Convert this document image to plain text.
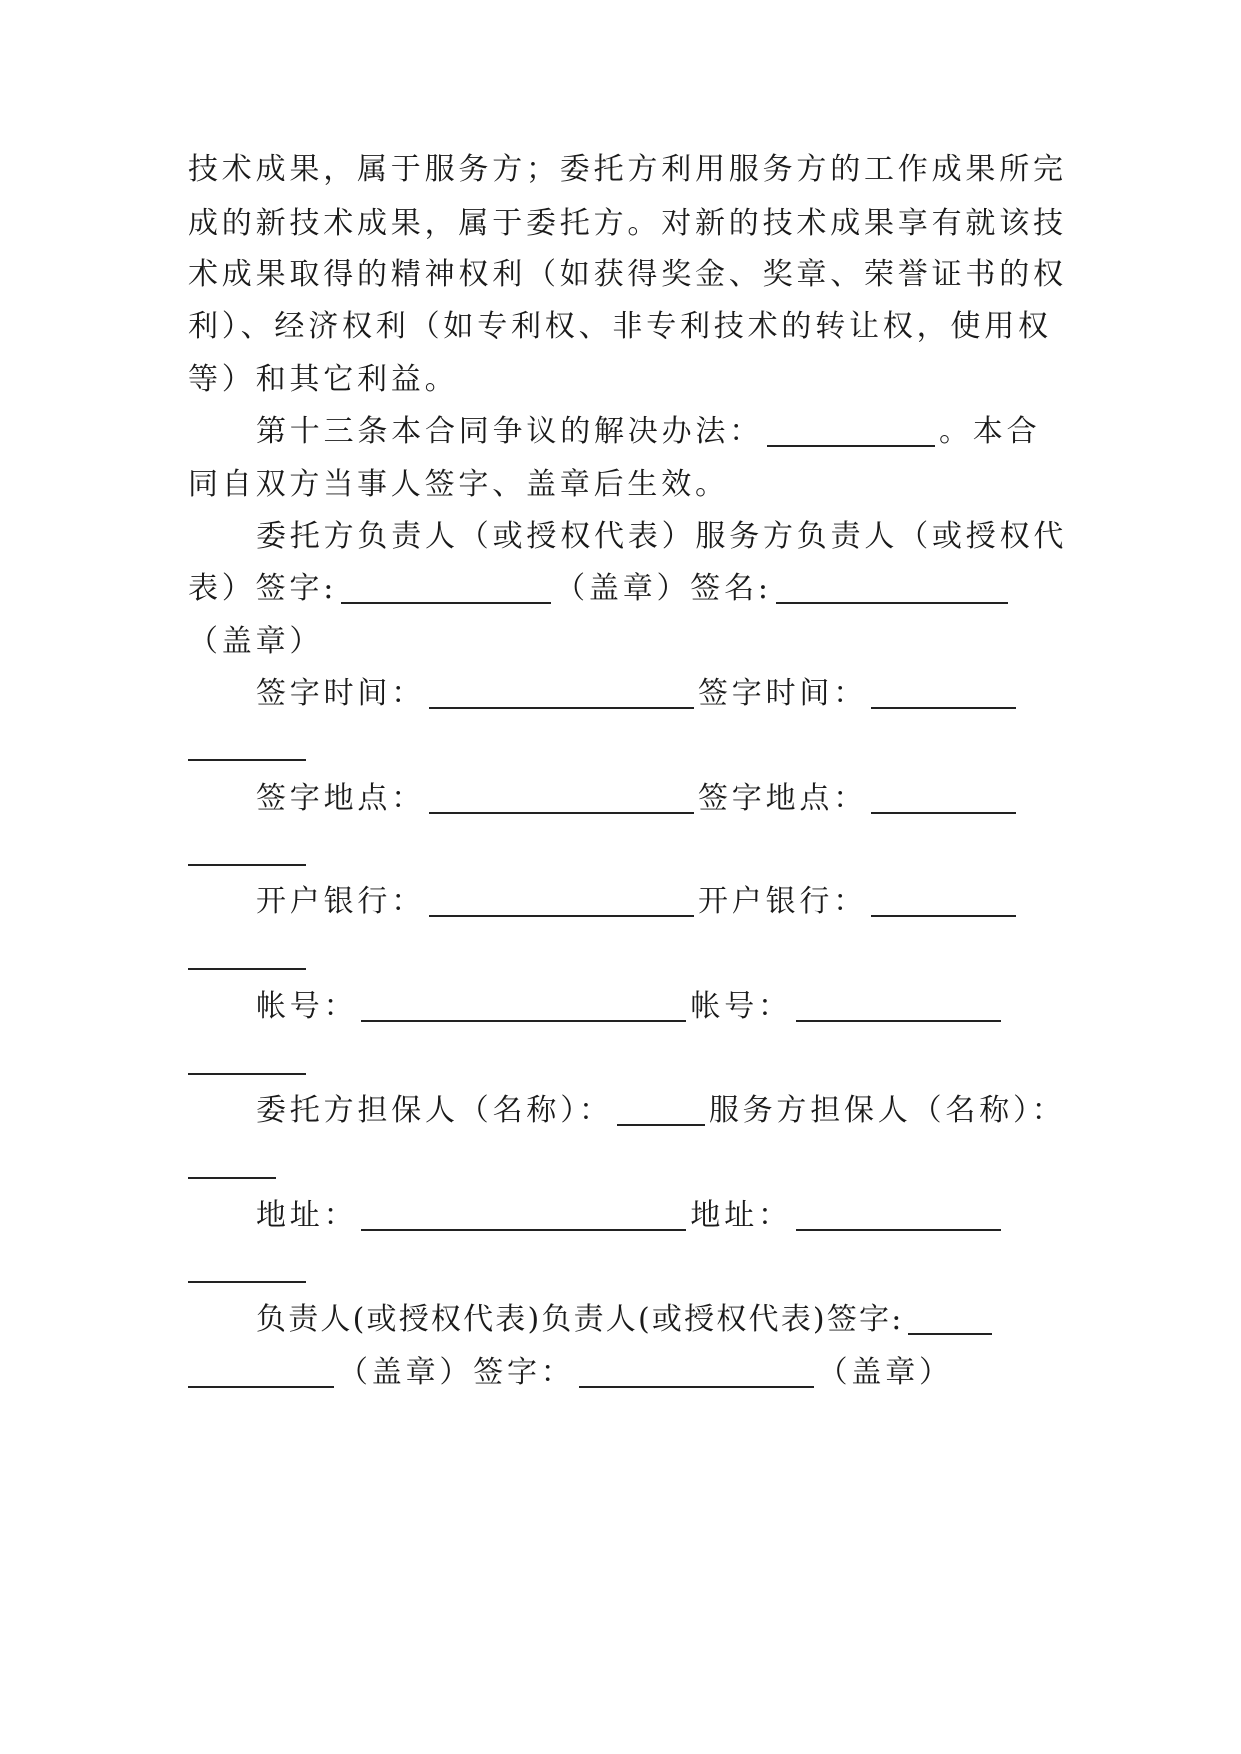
技术成果，属于服务方；委托方利用服务方的工作成果所完
成的新技术成果，属于委托方。对新的技术成果享有就该技
术成果取得的精神权利（如获得奖金、奖章、荣誉证书的权
利）、经济权利（如专利权、非专利技术的转让权，使用权
等）和其它利益。
第十三条本合同争议的解决办法：	。本合
同自双方当事人签字、盖章后生效。
委托方负责人（或授权代表）服务方负责人（或授权代
表）签字:	（盖章）签名:
（盖章）
签字时间：	签字时间：
签字地点：	签字地点：
开户银行：	开户银行：
帐号：	帐号：
委托方担保人（名称）：	服务方担保人（名称）：
地址：	地址：
负责人(或授权代表)负责人(或授权代表)签字:
（盖章）签字：	（盖章）
